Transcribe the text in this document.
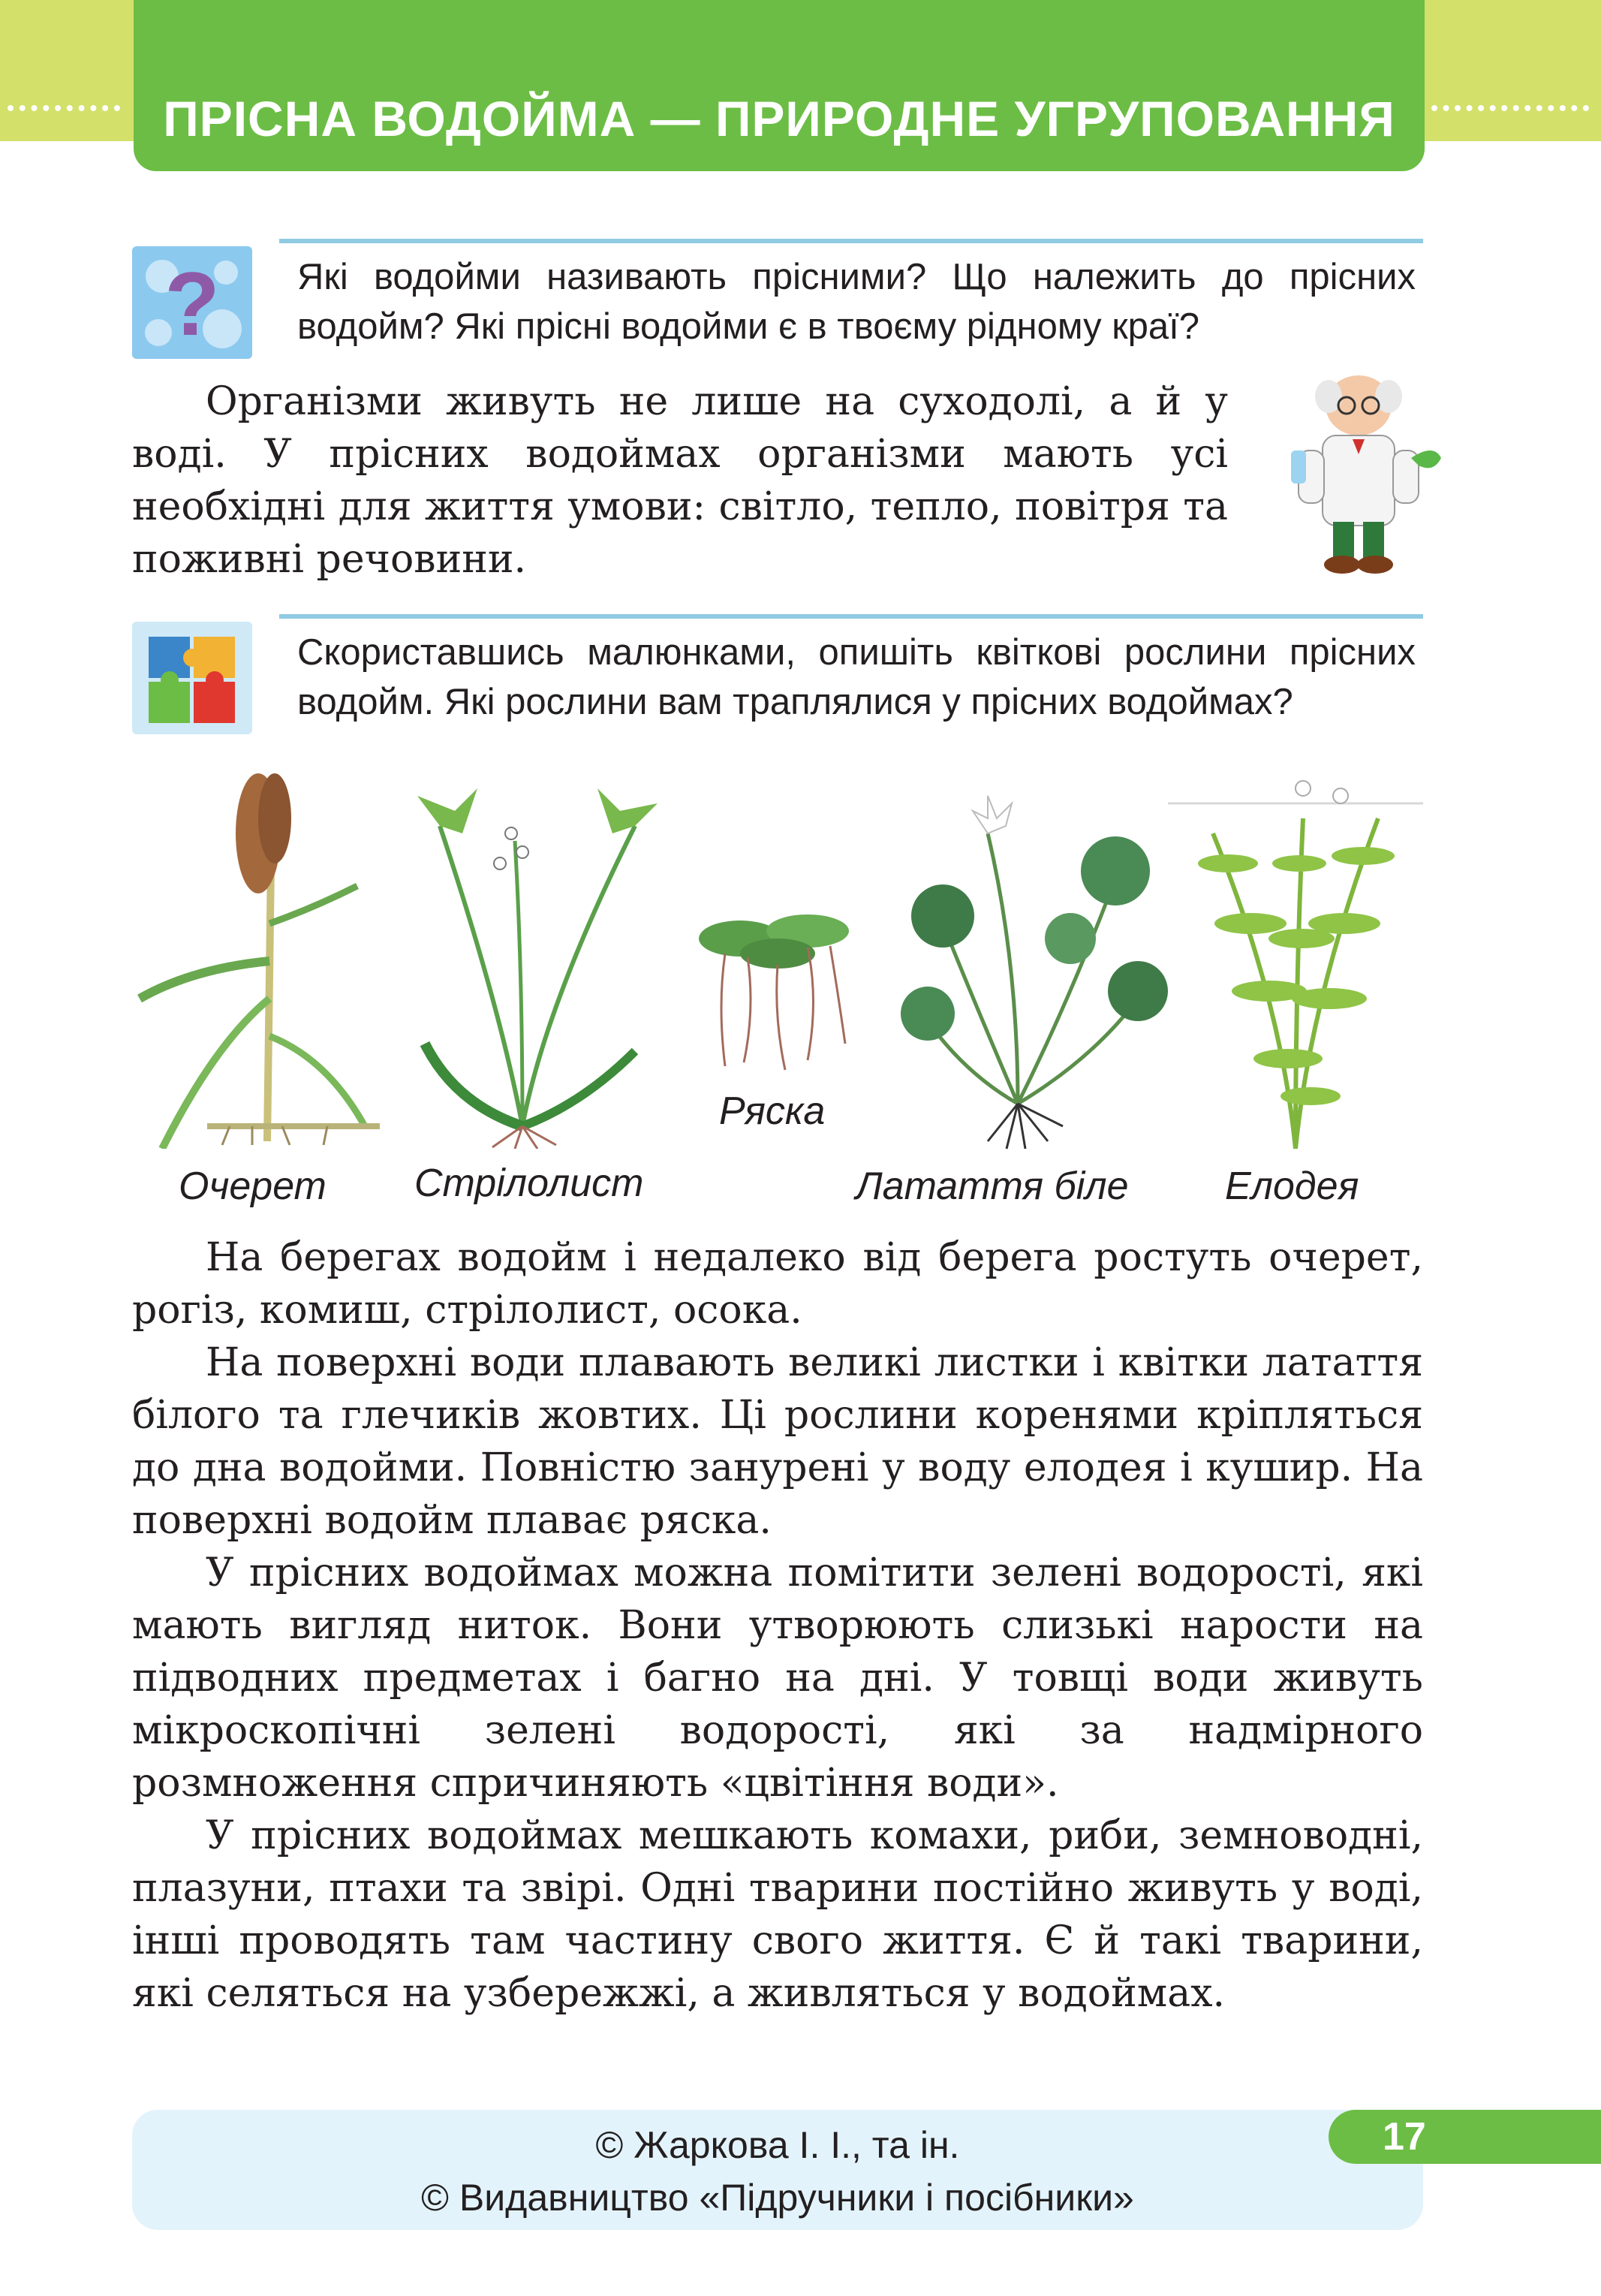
ПРІСНА ВОДОЙМА — ПРИРОДНЕ УГРУПОВАННЯ
? Які водойми називають прісними? Що належить до прісних водойм? Які прісні водойми є в твоєму рідному краї?

Організми живуть не лише на суходолі, а й у воді. У прісних водоймах організми мають усі необхідні для життя умови: світло, тепло, повітря та поживні речовини.

Скориставшись малюнками, опишіть квіткові рослини прісних водойм. Які рослини вам траплялися у прісних водоймах?
Очерет Стрілолист
Ряска
Латаття біле Елодея

На берегах водойм і недалеко від берега ростуть очерет, рогіз, комиш, стрілолист, осока.

На поверхні води плавають великі листки і квітки латаття білого та глечиків жовтих. Ці рослини коренями кріпляться до дна водойми. Повністю занурені у воду елодея і кушир. На поверхні водойм плаває ряска.

У прісних водоймах можна помітити зелені водорості, які мають вигляд ниток. Вони утворюють слизькі нарости на підводних предметах і багно на дні. У товщі води живуть мікроскопічні зелені водорості, які за надмірного розмноження спричиняють «цвітіння води».

У прісних водоймах мешкають комахи, риби, земноводні, плазуни, птахи та звірі. Одні тварини постійно живуть у воді, інші проводять там частину свого життя. Є й такі тварини, які селяться на узбережжі, а живляться у водоймах.

© Жаркова І. І., та ін.
© Видавництво «Підручники і посібники»
17
